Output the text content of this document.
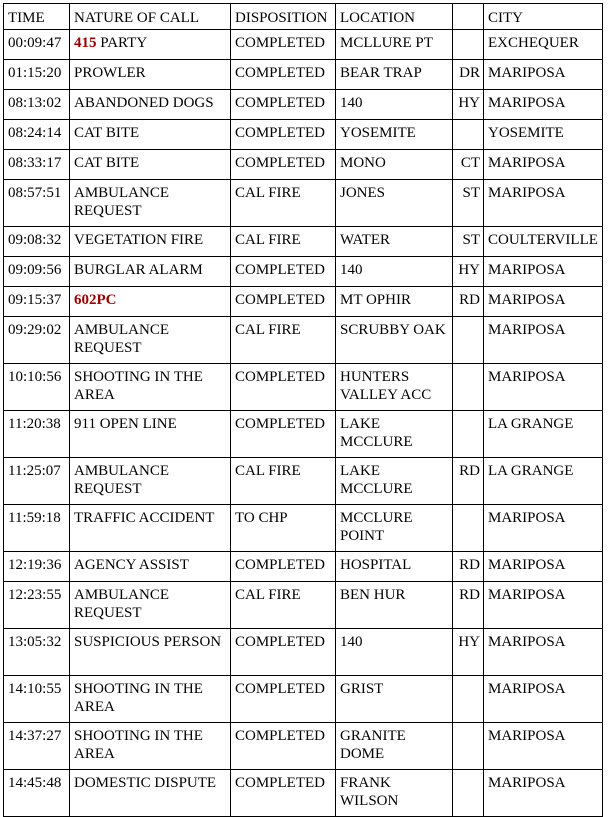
TIME	NATURE OF CALL	DISPOSITION	LOCATION		CITY
00:09:47	415 PARTY	COMPLETED	MCLLURE PT		EXCHEQUER
01:15:20	PROWLER	COMPLETED	BEAR TRAP	DR	MARIPOSA
08:13:02	ABANDONED DOGS	COMPLETED	140	HY	MARIPOSA
08:24:14	CAT BITE	COMPLETED	YOSEMITE		YOSEMITE
08:33:17	CAT BITE	COMPLETED	MONO	CT	MARIPOSA
08:57:51	AMBULANCE REQUEST	CAL FIRE	JONES	ST	MARIPOSA
09:08:32	VEGETATION FIRE	CAL FIRE	WATER	ST	COULTERVILLE
09:09:56	BURGLAR ALARM	COMPLETED	140	HY	MARIPOSA
09:15:37	602PC	COMPLETED	MT OPHIR	RD	MARIPOSA
09:29:02	AMBULANCE REQUEST	CAL FIRE	SCRUBBY OAK		MARIPOSA
10:10:56	SHOOTING IN THE AREA	COMPLETED	HUNTERS VALLEY ACC		MARIPOSA
11:20:38	911 OPEN LINE	COMPLETED	LAKE MCCLURE		LA GRANGE
11:25:07	AMBULANCE REQUEST	CAL FIRE	LAKE MCCLURE	RD	LA GRANGE
11:59:18	TRAFFIC ACCIDENT	TO CHP	MCCLURE POINT		MARIPOSA
12:19:36	AGENCY ASSIST	COMPLETED	HOSPITAL	RD	MARIPOSA
12:23:55	AMBULANCE REQUEST	CAL FIRE	BEN HUR	RD	MARIPOSA
13:05:32	SUSPICIOUS PERSON	COMPLETED	140	HY	MARIPOSA
14:10:55	SHOOTING IN THE AREA	COMPLETED	GRIST		MARIPOSA
14:37:27	SHOOTING IN THE AREA	COMPLETED	GRANITE DOME		MARIPOSA
14:45:48	DOMESTIC DISPUTE	COMPLETED	FRANK WILSON		MARIPOSA
